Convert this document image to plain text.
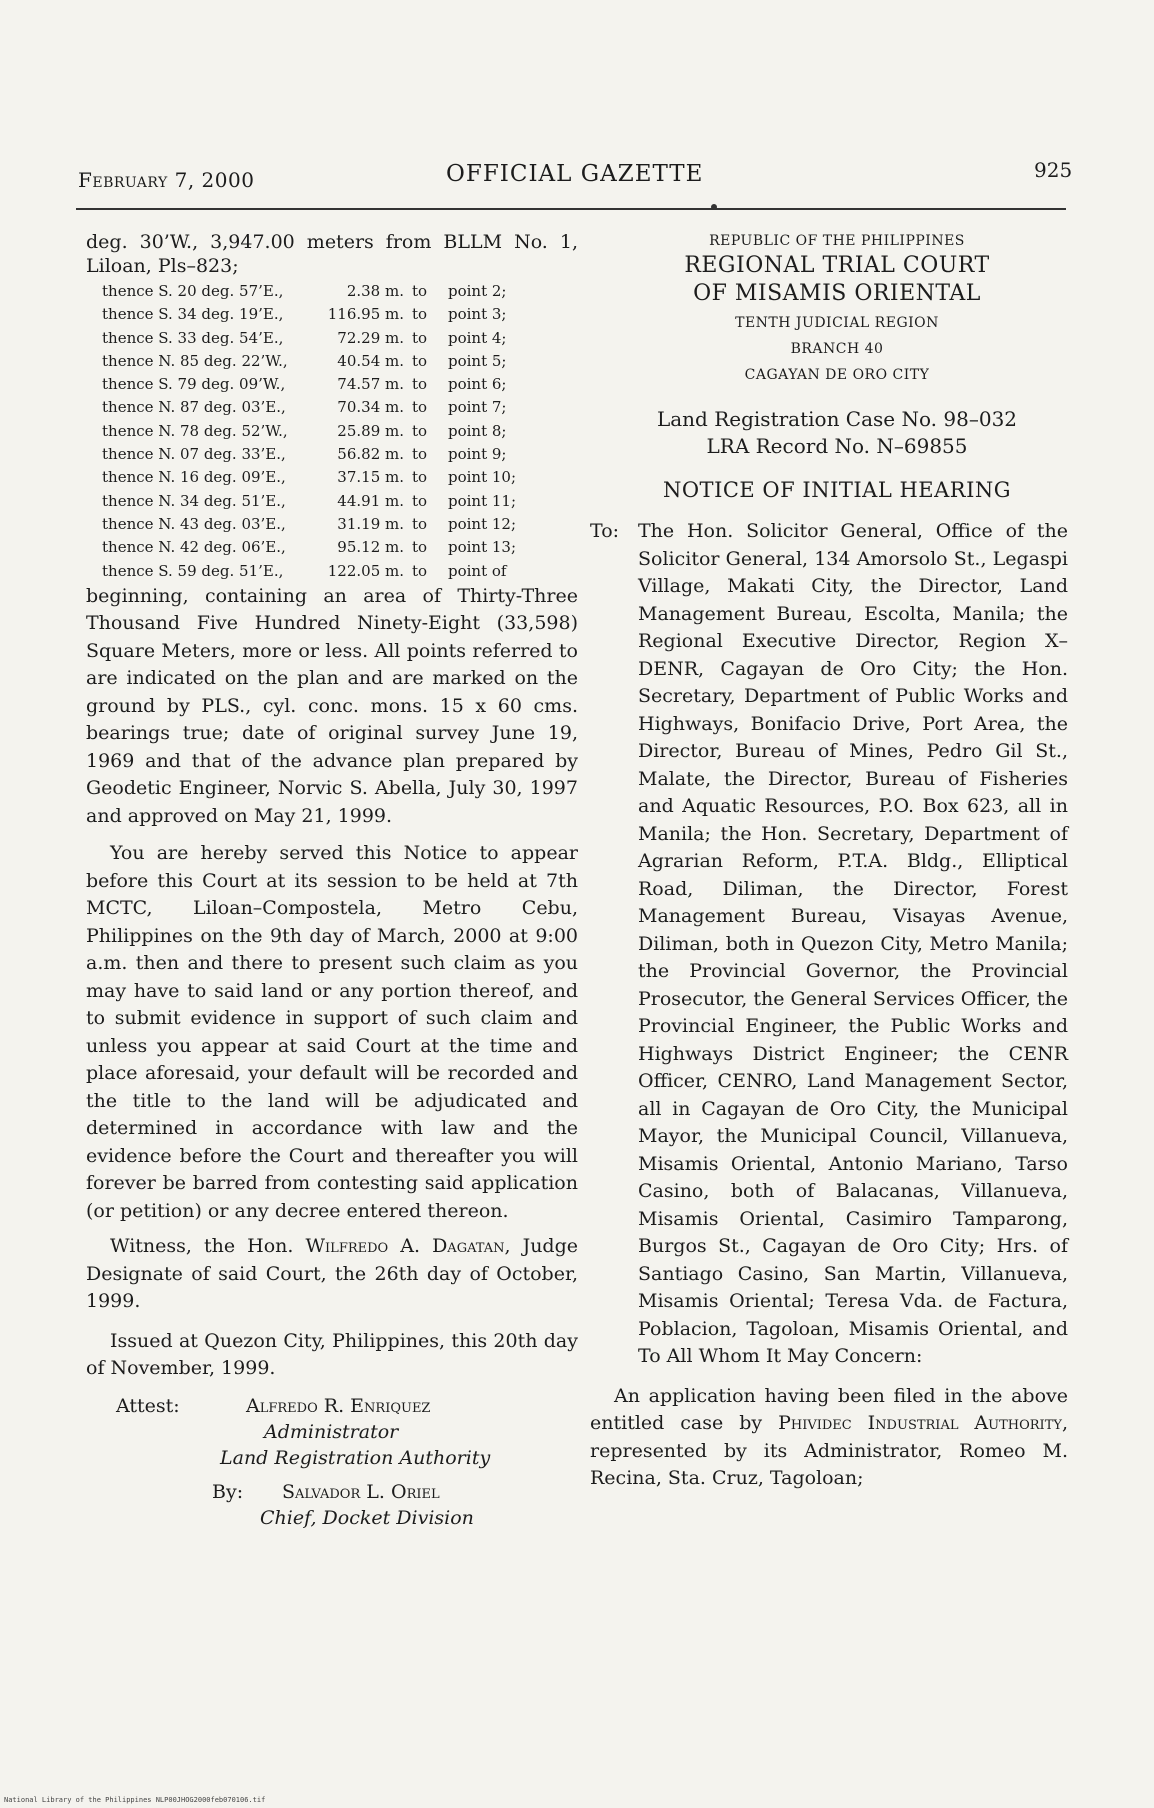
February 7, 2000	OFFICIAL GAZETTE	925

deg. 30’W., 3,947.00 meters from BLLM No. 1, Liloan, Pls–823;

thence S. 20 deg. 57’E.,	2.38 m. to	point 2;
thence S. 34 deg. 19’E.,	116.95 m. to	point 3;
thence S. 33 deg. 54’E.,	72.29 m. to	point 4;
thence N. 85 deg. 22’W.,	40.54 m. to	point 5;
thence S. 79 deg. 09’W.,	74.57 m. to	point 6;
thence N. 87 deg. 03’E.,	70.34 m. to	point 7;
thence N. 78 deg. 52’W.,	25.89 m. to	point 8;
thence N. 07 deg. 33’E.,	56.82 m. to	point 9;
thence N. 16 deg. 09’E.,	37.15 m. to	point 10;
thence N. 34 deg. 51’E.,	44.91 m. to	point 11;
thence N. 43 deg. 03’E.,	31.19 m. to	point 12;
thence N. 42 deg. 06’E.,	95.12 m. to	point 13;
thence S. 59 deg. 51’E.,	122.05 m. to	point of

beginning, containing an area of Thirty-Three Thousand Five Hundred Ninety-Eight (33,598) Square Meters, more or less. All points referred to are indicated on the plan and are marked on the ground by PLS., cyl. conc. mons. 15 x 60 cms. bearings true; date of original survey June 19, 1969 and that of the advance plan prepared by Geodetic Engineer, Norvic S. Abella, July 30, 1997 and approved on May 21, 1999.

You are hereby served this Notice to appear before this Court at its session to be held at 7th MCTC, Liloan–Compostela, Metro Cebu, Philippines on the 9th day of March, 2000 at 9:00 a.m. then and there to present such claim as you may have to said land or any portion thereof, and to submit evidence in support of such claim and unless you appear at said Court at the time and place aforesaid, your default will be recorded and the title to the land will be adjudicated and determined in accordance with law and the evidence before the Court and thereafter you will forever be barred from contesting said application (or petition) or any decree entered thereon.

Witness, the Hon. Wilfredo A. Dagatan, Judge Designate of said Court, the 26th day of October, 1999.

Issued at Quezon City, Philippines, this 20th day of November, 1999.

Attest:	Alfredo R. Enriquez
Administrator
Land Registration Authority
By:	Salvador L. Oriel
Chief, Docket Division
REPUBLIC OF THE PHILIPPINES
REGIONAL TRIAL COURT
OF MISAMIS ORIENTAL
TENTH JUDICIAL REGION
BRANCH 40
CAGAYAN DE ORO CITY
Land Registration Case No. 98–032
LRA Record No. N–69855
NOTICE OF INITIAL HEARING
To: The Hon. Solicitor General, Office of the Solicitor General, 134 Amorsolo St., Legaspi Village, Makati City, the Director, Land Management Bureau, Escolta, Manila; the Regional Executive Director, Region X–DENR, Cagayan de Oro City; the Hon. Secretary, Department of Public Works and Highways, Bonifacio Drive, Port Area, the Director, Bureau of Mines, Pedro Gil St., Malate, the Director, Bureau of Fisheries and Aquatic Resources, P.O. Box 623, all in Manila; the Hon. Secretary, Department of Agrarian Reform, P.T.A. Bldg., Elliptical Road, Diliman, the Director, Forest Management Bureau, Visayas Avenue, Diliman, both in Quezon City, Metro Manila; the Provincial Governor, the Provincial Prosecutor, the General Services Officer, the Provincial Engineer, the Public Works and Highways District Engineer; the CENR Officer, CENRO, Land Management Sector, all in Cagayan de Oro City, the Municipal Mayor, the Municipal Council, Villanueva, Misamis Oriental, Antonio Mariano, Tarso Casino, both of Balacanas, Villanueva, Misamis Oriental, Casimiro Tamparong, Burgos St., Cagayan de Oro City; Hrs. of Santiago Casino, San Martin, Villanueva, Misamis Oriental; Teresa Vda. de Factura, Poblacion, Tagoloan, Misamis Oriental, and To All Whom It May Concern:

An application having been filed in the above entitled case by Phividec Industrial Authority, represented by its Administrator, Romeo M. Recina, Sta. Cruz, Tagoloan;

National Library of the Philippines NLP00JHOG2000feb070106.tif
